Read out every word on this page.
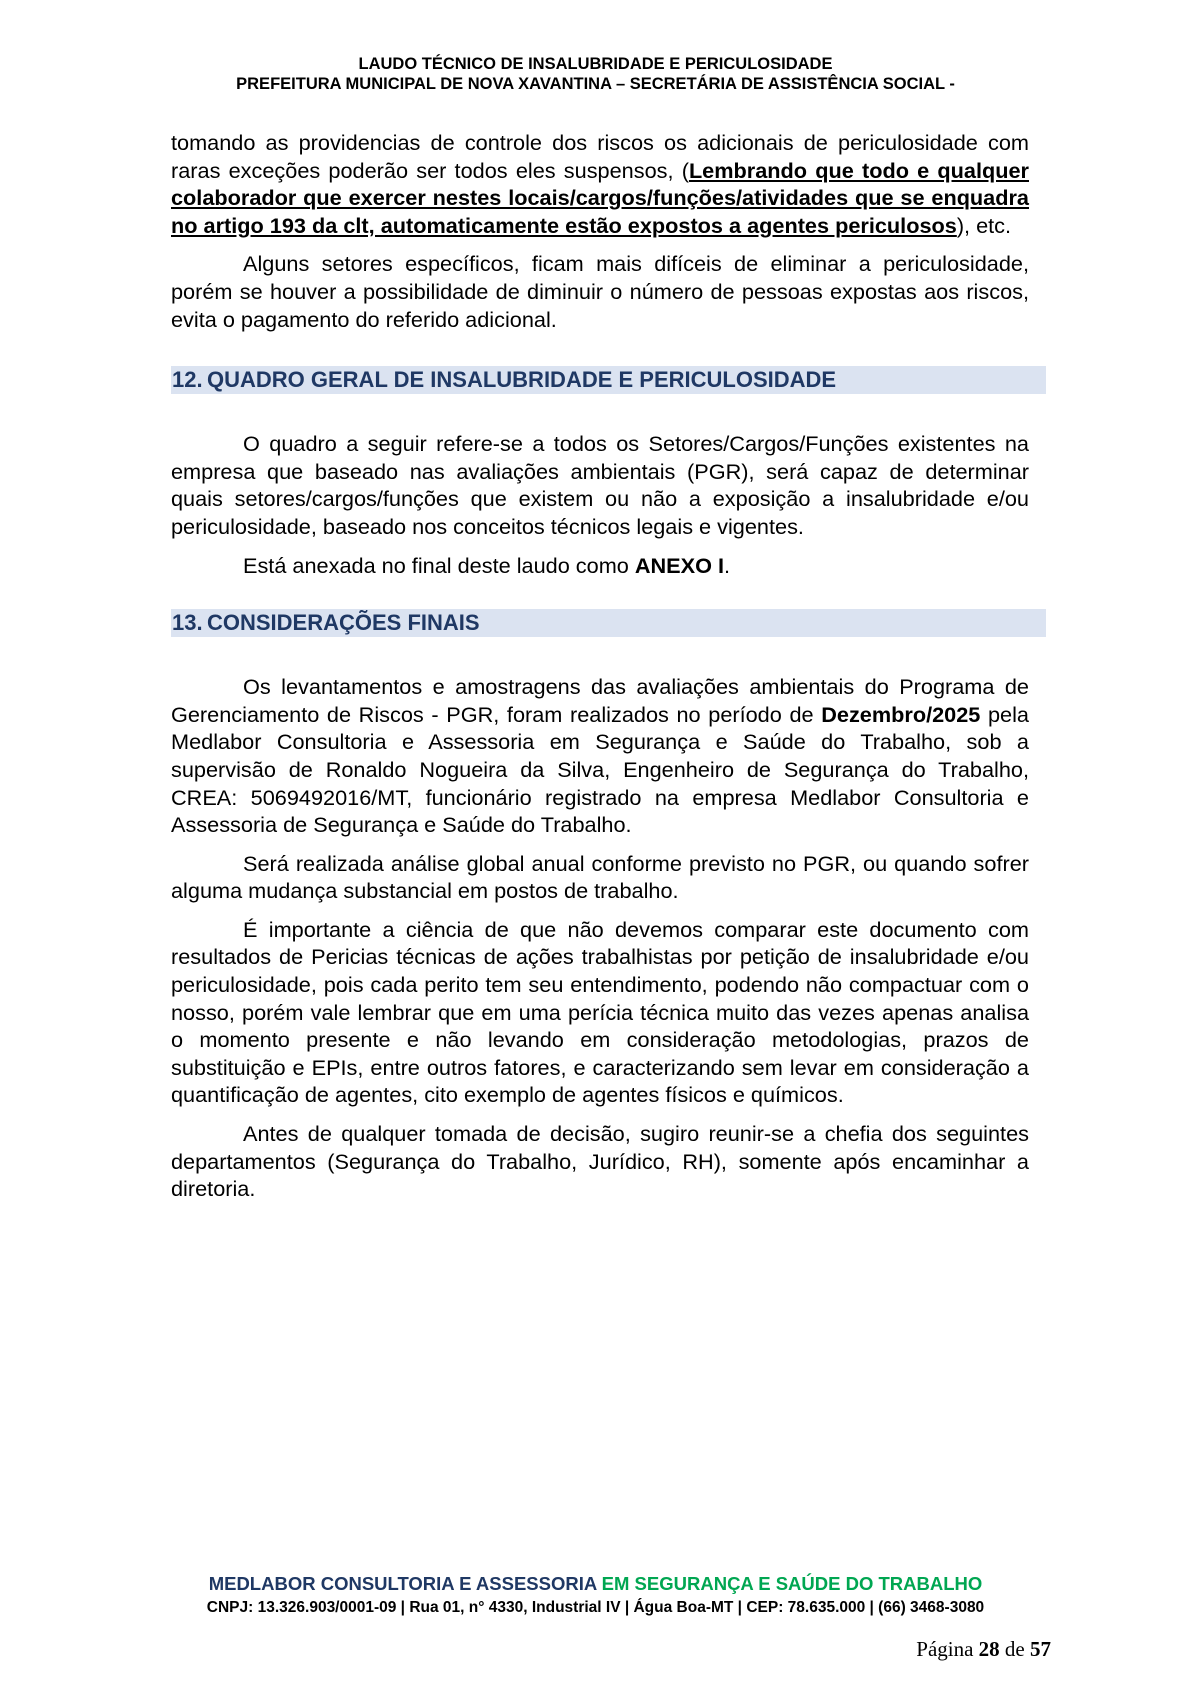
LAUDO TÉCNICO DE INSALUBRIDADE E PERICULOSIDADE
PREFEITURA MUNICIPAL DE NOVA XAVANTINA – SECRETÁRIA DE ASSISTÊNCIA SOCIAL -

tomando as providencias de controle dos riscos os adicionais de periculosidade com raras exceções poderão ser todos eles suspensos, (Lembrando que todo e qualquer colaborador que exercer nestes locais/cargos/funções/atividades que se enquadra no artigo 193 da clt, automaticamente estão expostos a agentes periculosos), etc.

Alguns setores específicos, ficam mais difíceis de eliminar a periculosidade, porém se houver a possibilidade de diminuir o número de pessoas expostas aos riscos, evita o pagamento do referido adicional.

12. QUADRO GERAL DE INSALUBRIDADE E PERICULOSIDADE

O quadro a seguir refere-se a todos os Setores/Cargos/Funções existentes na empresa que baseado nas avaliações ambientais (PGR), será capaz de determinar quais setores/cargos/funções que existem ou não a exposição a insalubridade e/ou periculosidade, baseado nos conceitos técnicos legais e vigentes.

Está anexada no final deste laudo como ANEXO I.

13. CONSIDERAÇÕES FINAIS

Os levantamentos e amostragens das avaliações ambientais do Programa de Gerenciamento de Riscos - PGR, foram realizados no período de Dezembro/2025 pela Medlabor Consultoria e Assessoria em Segurança e Saúde do Trabalho, sob a supervisão de Ronaldo Nogueira da Silva, Engenheiro de Segurança do Trabalho, CREA: 5069492016/MT, funcionário registrado na empresa Medlabor Consultoria e Assessoria de Segurança e Saúde do Trabalho.

Será realizada análise global anual conforme previsto no PGR, ou quando sofrer alguma mudança substancial em postos de trabalho.

É importante a ciência de que não devemos comparar este documento com resultados de Pericias técnicas de ações trabalhistas por petição de insalubridade e/ou periculosidade, pois cada perito tem seu entendimento, podendo não compactuar com o nosso, porém vale lembrar que em uma perícia técnica muito das vezes apenas analisa o momento presente e não levando em consideração metodologias, prazos de substituição e EPIs, entre outros fatores, e caracterizando sem levar em consideração a quantificação de agentes, cito exemplo de agentes físicos e químicos.

Antes de qualquer tomada de decisão, sugiro reunir-se a chefia dos seguintes departamentos (Segurança do Trabalho, Jurídico, RH), somente após encaminhar a diretoria.

MEDLABOR CONSULTORIA E ASSESSORIA EM SEGURANÇA E SAÚDE DO TRABALHO
CNPJ: 13.326.903/0001-09 | Rua 01, n° 4330, Industrial IV | Água Boa-MT | CEP: 78.635.000 | (66) 3468-3080
Página 28 de 57
